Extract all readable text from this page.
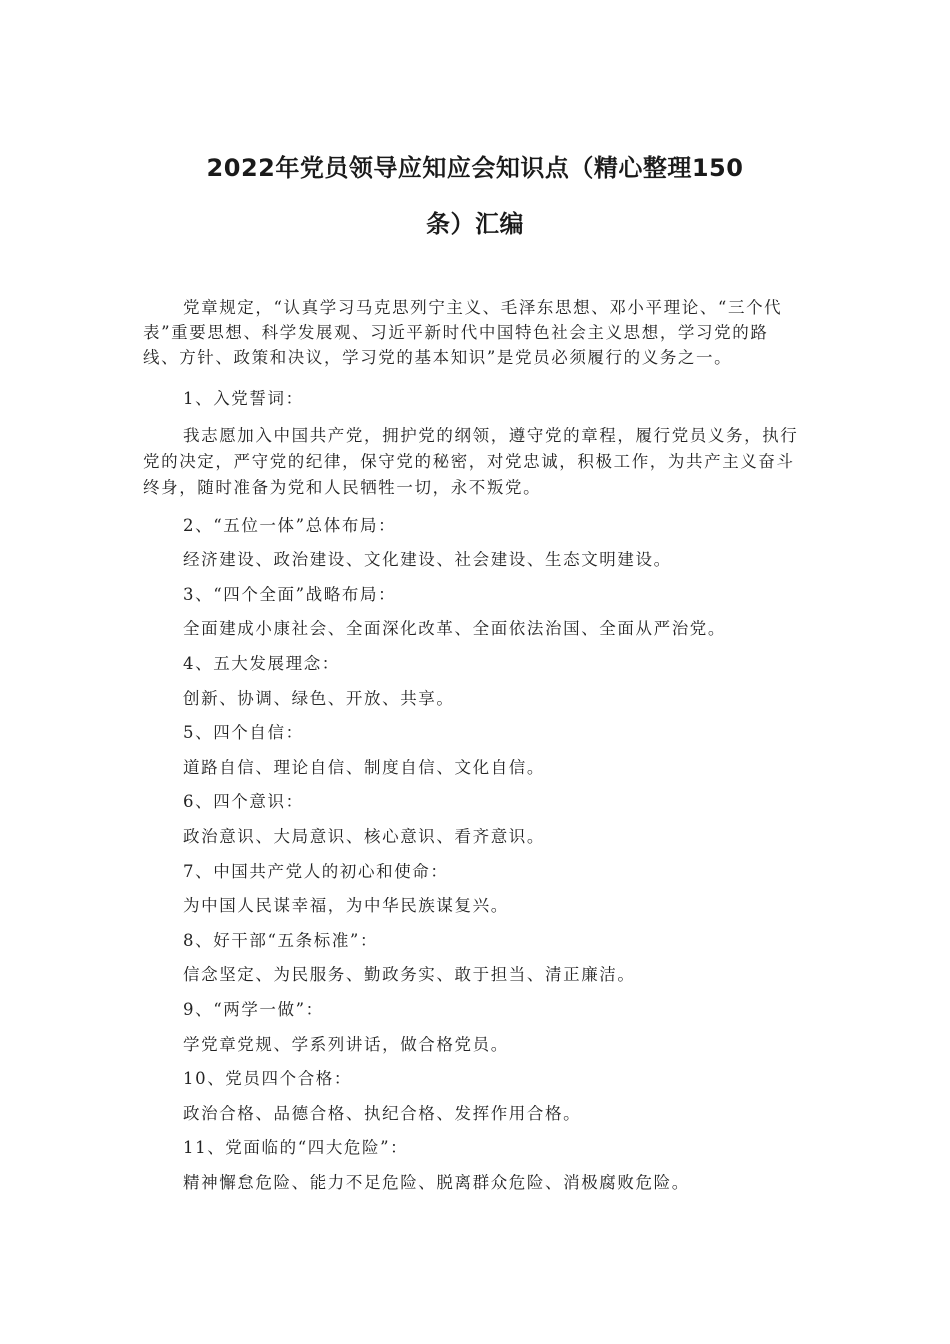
2022年党员领导应知应会知识点（精心整理150
条）汇编

党章规定，“认真学习马克思列宁主义、毛泽东思想、邓小平理论、“三个代表”重要思想、科学发展观、习近平新时代中国特色社会主义思想，学习党的路线、方针、政策和决议，学习党的基本知识”是党员必须履行的义务之一。

1、入党誓词：

我志愿加入中国共产党，拥护党的纲领，遵守党的章程，履行党员义务，执行党的决定，严守党的纪律，保守党的秘密，对党忠诚，积极工作，为共产主义奋斗终身，随时准备为党和人民牺牲一切，永不叛党。

2、“五位一体”总体布局：

经济建设、政治建设、文化建设、社会建设、生态文明建设。

3、“四个全面”战略布局：

全面建成小康社会、全面深化改革、全面依法治国、全面从严治党。

4、五大发展理念：

创新、协调、绿色、开放、共享。

5、四个自信：

道路自信、理论自信、制度自信、文化自信。

6、四个意识：

政治意识、大局意识、核心意识、看齐意识。

7、中国共产党人的初心和使命：

为中国人民谋幸福，为中华民族谋复兴。

8、好干部“五条标准”：

信念坚定、为民服务、勤政务实、敢于担当、清正廉洁。

9、“两学一做”：

学党章党规、学系列讲话，做合格党员。

10、党员四个合格：

政治合格、品德合格、执纪合格、发挥作用合格。

11、党面临的“四大危险”：

精神懈怠危险、能力不足危险、脱离群众危险、消极腐败危险。
